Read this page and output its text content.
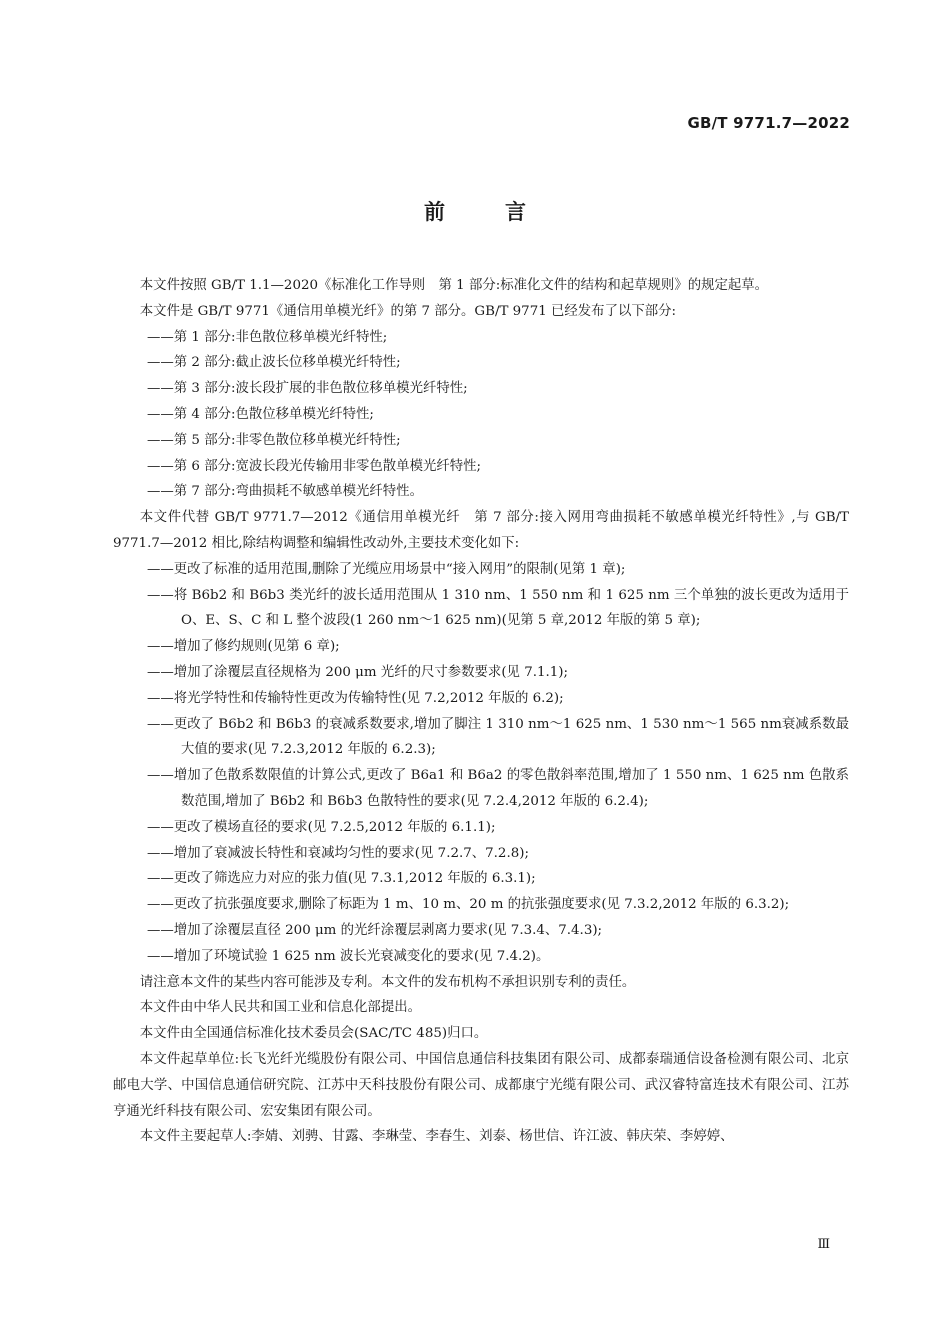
GB/T 9771.7—2022
前言

本文件按照 GB/T 1.1—2020《标准化工作导则　第 1 部分:标准化文件的结构和起草规则》的规定起草。

本文件是 GB/T 9771《通信用单模光纤》的第 7 部分。GB/T 9771 已经发布了以下部分:

——第 1 部分:非色散位移单模光纤特性;

——第 2 部分:截止波长位移单模光纤特性;

——第 3 部分:波长段扩展的非色散位移单模光纤特性;

——第 4 部分:色散位移单模光纤特性;

——第 5 部分:非零色散位移单模光纤特性;

——第 6 部分:宽波长段光传输用非零色散单模光纤特性;

——第 7 部分:弯曲损耗不敏感单模光纤特性。

本文件代替 GB/T 9771.7—2012《通信用单模光纤　第 7 部分:接入网用弯曲损耗不敏感单模光纤特性》,与 GB/T 9771.7—2012 相比,除结构调整和编辑性改动外,主要技术变化如下:

——更改了标准的适用范围,删除了光缆应用场景中“接入网用”的限制(见第 1 章);

——将 B6b2 和 B6b3 类光纤的波长适用范围从 1 310 nm、1 550 nm 和 1 625 nm 三个单独的波长更改为适用于 O、E、S、C 和 L 整个波段(1 260 nm～1 625 nm)(见第 5 章,2012 年版的第 5 章);

——增加了修约规则(见第 6 章);

——增加了涂覆层直径规格为 200 μm 光纤的尺寸参数要求(见 7.1.1);

——将光学特性和传输特性更改为传输特性(见 7.2,2012 年版的 6.2);

——更改了 B6b2 和 B6b3 的衰减系数要求,增加了脚注 1 310 nm～1 625 nm、1 530 nm～1 565 nm衰减系数最大值的要求(见 7.2.3,2012 年版的 6.2.3);

——增加了色散系数限值的计算公式,更改了 B6a1 和 B6a2 的零色散斜率范围,增加了 1 550 nm、1 625 nm 色散系数范围,增加了 B6b2 和 B6b3 色散特性的要求(见 7.2.4,2012 年版的 6.2.4);

——更改了模场直径的要求(见 7.2.5,2012 年版的 6.1.1);

——增加了衰减波长特性和衰减均匀性的要求(见 7.2.7、7.2.8);

——更改了筛选应力对应的张力值(见 7.3.1,2012 年版的 6.3.1);

——更改了抗张强度要求,删除了标距为 1 m、10 m、20 m 的抗张强度要求(见 7.3.2,2012 年版的 6.3.2);

——增加了涂覆层直径 200 μm 的光纤涂覆层剥离力要求(见 7.3.4、7.4.3);

——增加了环境试验 1 625 nm 波长光衰减变化的要求(见 7.4.2)。

请注意本文件的某些内容可能涉及专利。本文件的发布机构不承担识别专利的责任。

本文件由中华人民共和国工业和信息化部提出。

本文件由全国通信标准化技术委员会(SAC/TC 485)归口。

本文件起草单位:长飞光纤光缆股份有限公司、中国信息通信科技集团有限公司、成都泰瑞通信设备检测有限公司、北京邮电大学、中国信息通信研究院、江苏中天科技股份有限公司、成都康宁光缆有限公司、武汉睿特富连技术有限公司、江苏亨通光纤科技有限公司、宏安集团有限公司。

本文件主要起草人:李婧、刘骋、甘露、李琳莹、李春生、刘泰、杨世信、许江波、韩庆荣、李婷婷、

Ⅲ
